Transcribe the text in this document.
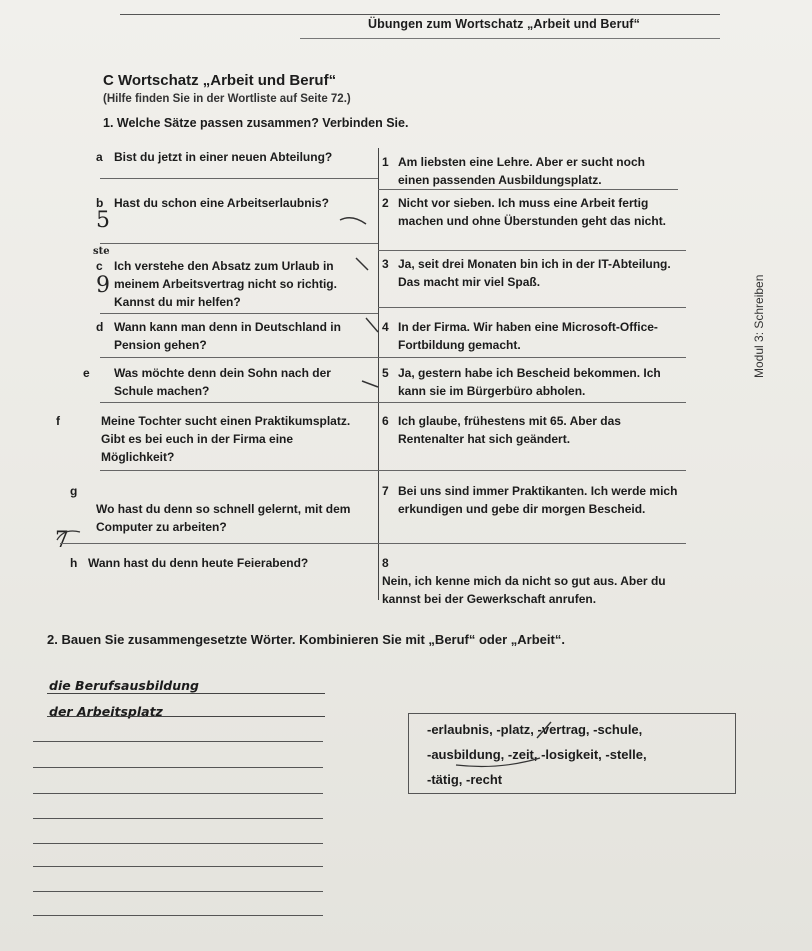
Übungen zum Wortschatz „Arbeit und Beruf“
C Wortschatz „Arbeit und Beruf“
(Hilfe finden Sie in der Wortliste auf Seite 72.)
1. Welche Sätze passen zusammen? Verbinden Sie.
Modul 3: Schreiben
a Bist du jetzt in einer neuen Abteilung?
b Hast du schon eine Arbeitserlaubnis?
5
ste
c Ich verstehe den Absatz zum Urlaub in meinem Arbeitsvertrag nicht so richtig. Kannst du mir helfen?
9
d Wann kann man denn in Deutschland in Pension gehen?
e Was möchte denn dein Sohn nach der Schule machen?
f	Meine Tochter sucht einen Praktikumsplatz. Gibt es bei euch in der Firma eine Möglichkeit?
gWo hast du denn so schnell gelernt, mit dem Computer zu arbeiten?
7
h Wann hast du denn heute Feierabend?
1 Am liebsten eine Lehre. Aber er sucht noch einen passenden Ausbildungsplatz.
2 Nicht vor sieben. Ich muss eine Arbeit fertig machen und ohne Überstunden geht das nicht.
3 Ja, seit drei Monaten bin ich in der IT-Abteilung. Das macht mir viel Spaß.
4 In der Firma. Wir haben eine Microsoft-Office-Fortbildung gemacht.
5 Ja, gestern habe ich Bescheid bekommen. Ich kann sie im Bürgerbüro abholen.
6 Ich glaube, frühestens mit 65. Aber das Rentenalter hat sich geändert.
7 Bei uns sind immer Praktikanten. Ich werde mich erkundigen und gebe dir morgen Bescheid.
8Nein, ich kenne mich da nicht so gut aus. Aber du kannst bei der Gewerkschaft anrufen.
2. Bauen Sie zusammengesetzte Wörter. Kombinieren Sie mit „Beruf“ oder „Arbeit“.
die Berufsausbildung
der Arbeitsplatz
-erlaubnis, -platz, -vertrag, -schule,
-ausbildung, -zeit, -losigkeit, -stelle,
-tätig, -recht
